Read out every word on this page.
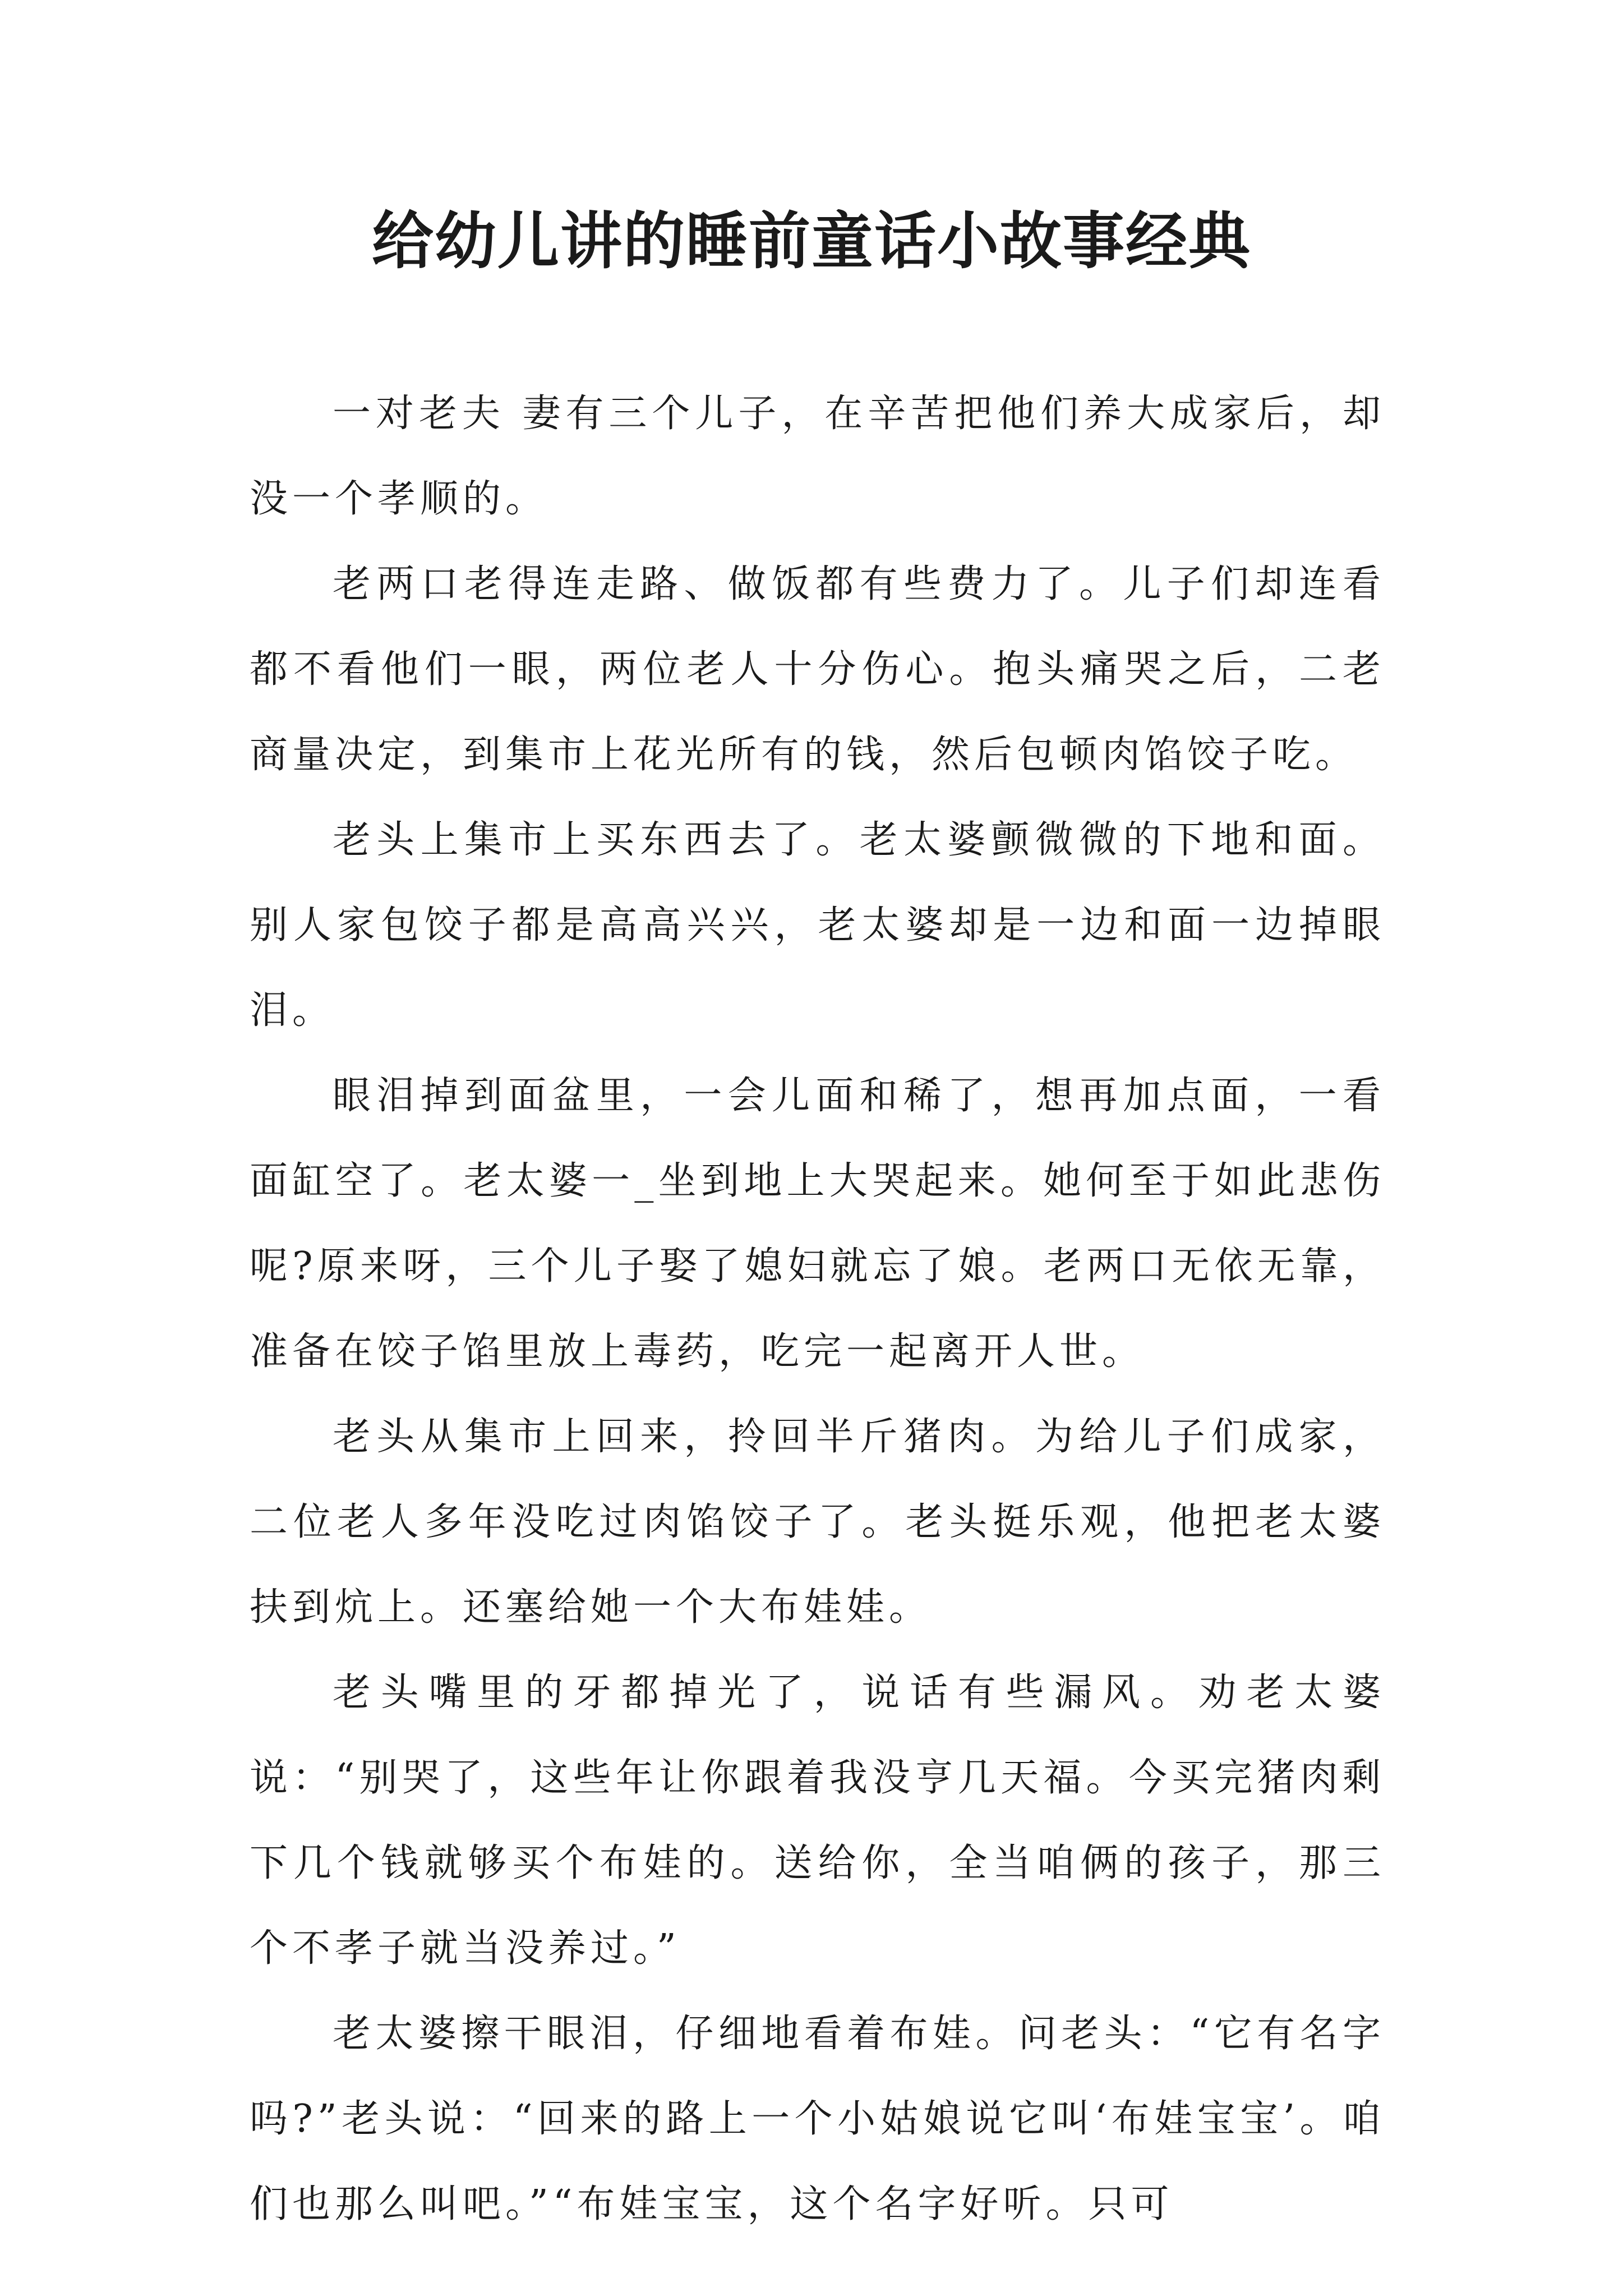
给幼儿讲的睡前童话小故事经典

一对老夫 妻有三个儿子，在辛苦把他们养大成家后，却没一个孝顺的。

老两口老得连走路、做饭都有些费力了。儿子们却连看都不看他们一眼，两位老人十分伤心。抱头痛哭之后，二老商量决定，到集市上花光所有的钱，然后包顿肉馅饺子吃。

老头上集市上买东西去了。老太婆颤微微的下地和面。别人家包饺子都是高高兴兴，老太婆却是一边和面一边掉眼泪。

眼泪掉到面盆里，一会儿面和稀了，想再加点面，一看面缸空了。老太婆一_坐到地上大哭起来。她何至于如此悲伤呢?原来呀，三个儿子娶了媳妇就忘了娘。老两口无依无靠，准备在饺子馅里放上毒药，吃完一起离开人世。

老头从集市上回来，拎回半斤猪肉。为给儿子们成家，二位老人多年没吃过肉馅饺子了。老头挺乐观，他把老太婆扶到炕上。还塞给她一个大布娃娃。

老头嘴里的牙都掉光了，说话有些漏风。劝老太婆说：“别哭了，这些年让你跟着我没亨几天福。今买完猪肉剩下几个钱就够买个布娃的。送给你，全当咱俩的孩子，那三个不孝子就当没养过。”

老太婆擦干眼泪，仔细地看着布娃。问老头：“它有名字吗?”老头说：“回来的路上一个小姑娘说它叫‘布娃宝宝’。咱们也那么叫吧。”“布娃宝宝，这个名字好听。只可
